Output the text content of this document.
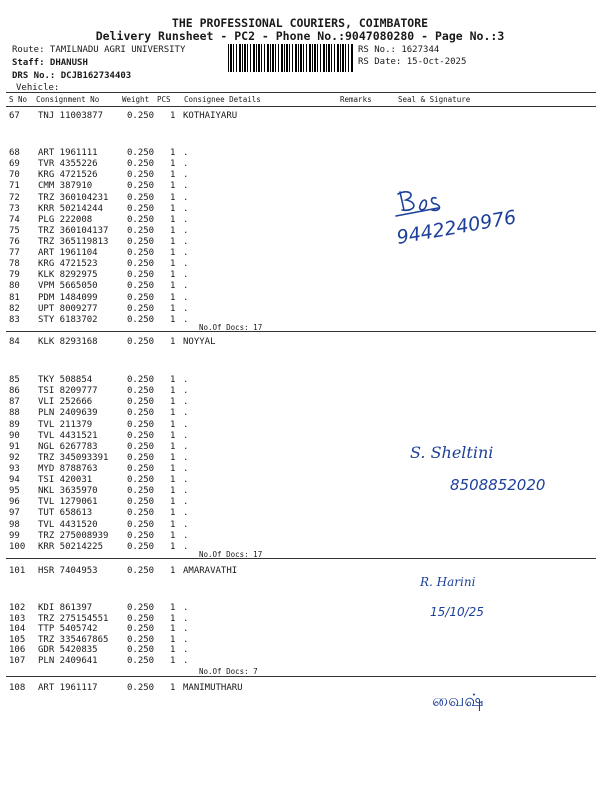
THE PROFESSIONAL COURIERS, COIMBATORE
Delivery Runsheet - PC2 - Phone No.:9047080280 - Page No.:3
Route: TAMILNADU AGRI UNIVERSITY
Staff: DHANUSH
DRS No.: DCJB162734403
Vehicle:
RS No.: 1627344
RS Date: 15-Oct-2025
S No Consignment No	Weight PCS Consignee Details	Remarks	Seal & Signature
67 TNJ 11003877	0.250 1 KOTHAIYARU
68 ART 1961111	0.250 1 .
69 TVR 4355226	0.250 1 .
70 KRG 4721526	0.250 1 .
71 CMM 387910	0.250 1 .
72 TRZ 360104231 0.250 1 .
73 KRR 50214244	0.250 1 .
74 PLG 222008	0.250 1 .
75 TRZ 360104137 0.250 1 .
76 TRZ 365119813 0.250 1 .
77 ART 1961104	0.250 1 .
78 KRG 4721523	0.250 1 .
79 KLK 8292975	0.250 1 .
80 VPM 5665050	0.250 1 .
81 PDM 1484099	0.250 1 .
82 UPT 8009277	0.250 1 .
83 STY 6183702	0.250 1 .
No.Of Docs: 17
84 KLK 8293168	0.250 1 NOYYAL
85 TKY 508854	0.250 1 .
86 TSI 8209777	0.250 1 .
87 VLI 252666	0.250 1 .
88 PLN 2409639	0.250 1 .
89 TVL 211379	0.250 1 .
90 TVL 4431521	0.250 1 .
91 NGL 6267783	0.250 1 .
92 TRZ 345093391 0.250 1 .
93 MYD 8788763	0.250 1 .
94 TSI 420031	0.250 1 .
95 NKL 3635970	0.250 1 .
96 TVL 1279061	0.250 1 .
97 TUT 658613	0.250 1 .
98 TVL 4431520	0.250 1 .
99 TRZ 275008939 0.250 1 .
100 KRR 50214225	0.250 1 .
No.Of Docs: 17
101 HSR 7404953	0.250 1 AMARAVATHI
102 KDI 861397	0.250 1 .
103 TRZ 275154551 0.250 1 .
104 TTP 5405742	0.250 1 .
105 TRZ 335467865 0.250 1 .
106 GDR 5420835	0.250 1 .
107 PLN 2409641	0.250 1 .
No.Of Docs: 7
108 ART 1961117	0.250 1 MANIMUTHARU
9442240976
S. Sheltini
8508852020
R. Harini
15/10/25
வைஷ்
